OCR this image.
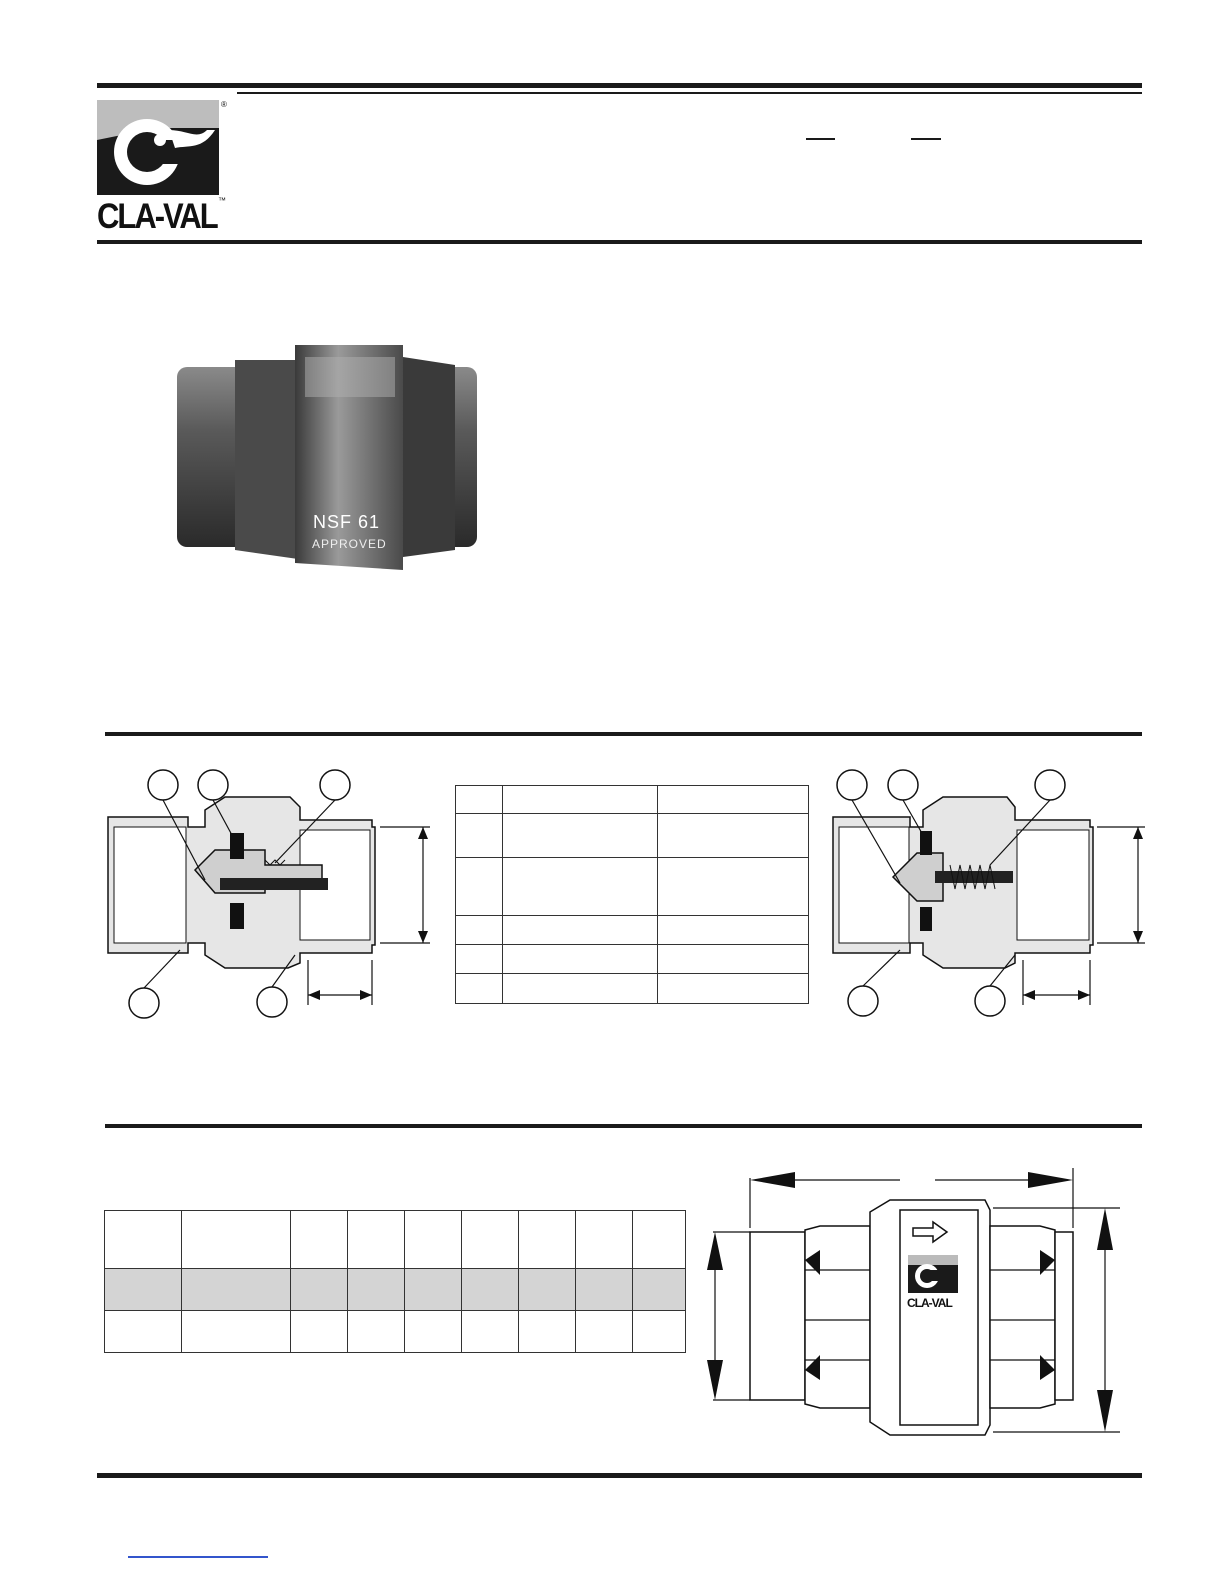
®
CLA-VAL ™
NSF 61
APPROVED

CLA-VAL
